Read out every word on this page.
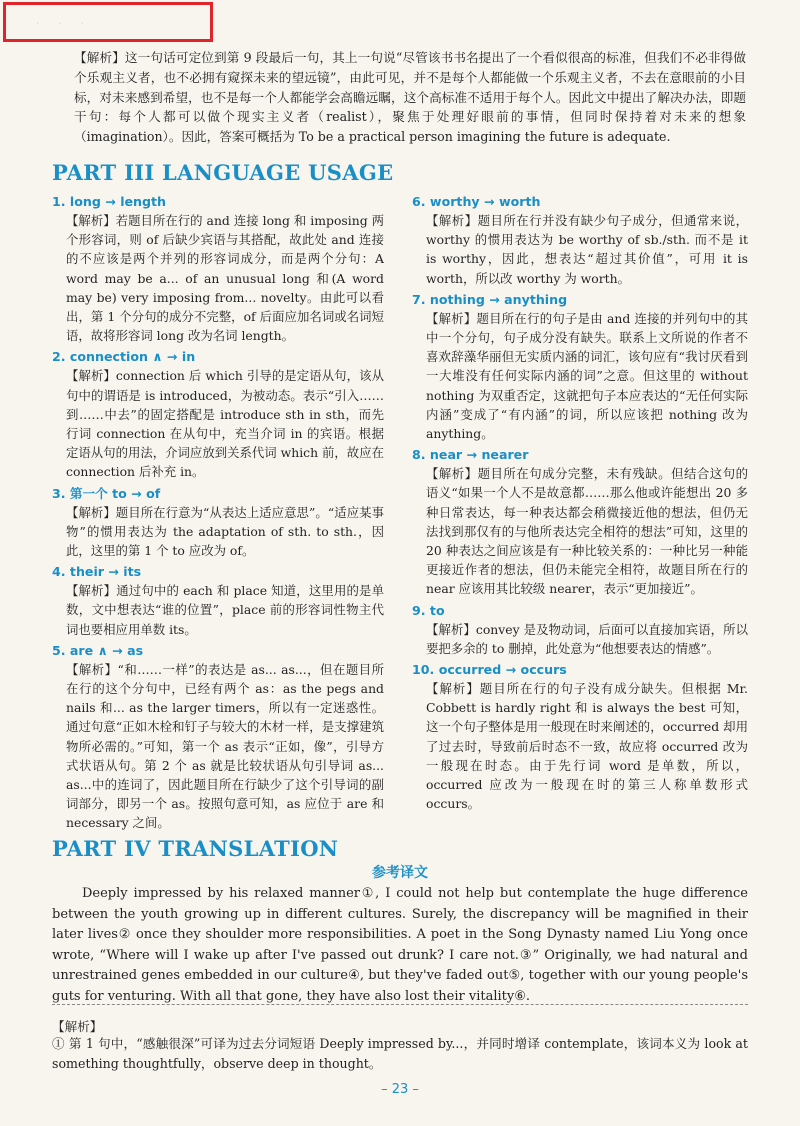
· · ·

【解析】这一句话可定位到第 9 段最后一句，其上一句说“尽管该书书名提出了一个看似很高的标准，但我们不必非得做个乐观主义者，也不必拥有窥探未来的望远镜”，由此可见，并不是每个人都能做一个乐观主义者，不去在意眼前的小目标，对未来感到希望，也不是每一个人都能学会高瞻远瞩，这个高标准不适用于每个人。因此文中提出了解决办法，即题干句：每个人都可以做个现实主义者（realist），聚焦于处理好眼前的事情，但同时保持着对未来的想象（imagination）。因此，答案可概括为 To be a practical person imagining the future is adequate.

PART III LANGUAGE USAGE
1. long → length

【解析】若题目所在行的 and 连接 long 和 imposing 两个形容词，则 of 后缺少宾语与其搭配，故此处 and 连接的不应该是两个并列的形容词成分，而是两个分句：A word may be a... of an unusual long 和(A word may be) very imposing from... novelty。由此可以看出，第 1 个分句的成分不完整，of 后面应加名词或名词短语，故将形容词 long 改为名词 length。

2. connection ∧ → in

【解析】connection 后 which 引导的是定语从句，该从句中的谓语是 is introduced，为被动态。表示“引入……到……中去”的固定搭配是 introduce sth in sth，而先行词 connection 在从句中，充当介词 in 的宾语。根据定语从句的用法，介词应放到关系代词 which 前，故应在 connection 后补充 in。

3. 第一个 to → of

【解析】题目所在行意为“从表达上适应意思”。“适应某事物”的惯用表达为 the adaptation of sth. to sth.，因此，这里的第 1 个 to 应改为 of。

4. their → its

【解析】通过句中的 each 和 place 知道，这里用的是单数，文中想表达“谁的位置”，place 前的形容词性物主代词也要相应用单数 its。

5. are ∧ → as

【解析】“和……一样”的表达是 as... as...，但在题目所在行的这个分句中，已经有两个 as：as the pegs and nails 和... as the larger timers，所以有一定迷惑性。通过句意“正如木栓和钉子与较大的木材一样，是支撑建筑物所必需的。”可知，第一个 as 表示“正如，像”，引导方式状语从句。第 2 个 as 就是比较状语从句引导词 as... as...中的连词了，因此题目所在行缺少了这个引导词的副词部分，即另一个 as。按照句意可知，as 应位于 are 和 necessary 之间。

6. worthy → worth

【解析】题目所在行并没有缺少句子成分，但通常来说，worthy 的惯用表达为 be worthy of sb./sth. 而不是 it is worthy，因此，想表达“超过其价值”，可用 it is worth，所以改 worthy 为 worth。

7. nothing → anything

【解析】题目所在行的句子是由 and 连接的并列句中的其中一个分句，句子成分没有缺失。联系上文所说的作者不喜欢辞藻华丽但无实质内涵的词汇，该句应有“我讨厌看到一大堆没有任何实际内涵的词”之意。但这里的 without nothing 为双重否定，这就把句子本应表达的“无任何实际内涵”变成了“有内涵”的词，所以应该把 nothing 改为 anything。

8. near → nearer

【解析】题目所在句成分完整，未有残缺。但结合这句的语义“如果一个人不是故意都……那么他或许能想出 20 多种日常表达，每一种表达都会稍微接近他的想法，但仍无法找到那仅有的与他所表达完全相符的想法”可知，这里的 20 种表达之间应该是有一种比较关系的：一种比另一种能更接近作者的想法，但仍未能完全相符，故题目所在行的 near 应该用其比较级 nearer，表示“更加接近”。

9. to

【解析】convey 是及物动词，后面可以直接加宾语，所以要把多余的 to 删掉，此处意为“他想要表达的情感”。

10. occurred → occurs

【解析】题目所在行的句子没有成分缺失。但根据 Mr. Cobbett is hardly right 和 is always the best 可知，这一个句子整体是用一般现在时来阐述的，occurred 却用了过去时，导致前后时态不一致，故应将 occurred 改为一般现在时态。由于先行词 word 是单数，所以，occurred 应改为一般现在时的第三人称单数形式 occurs。

PART IV TRANSLATION
参考译文

Deeply impressed by his relaxed manner①, I could not help but contemplate the huge difference between the youth growing up in different cultures. Surely, the discrepancy will be magnified in their later lives② once they shoulder more responsibilities. A poet in the Song Dynasty named Liu Yong once wrote, “Where will I wake up after I've passed out drunk? I care not.③” Originally, we had natural and unrestrained genes embedded in our culture④, but they've faded out⑤, together with our young people's guts for venturing. With all that gone, they have also lost their vitality⑥.

【解析】

① 第 1 句中，“感触很深”可译为过去分词短语 Deeply impressed by...，并同时增译 contemplate，该词本义为 look at something thoughtfully，observe deep in thought。

– 23 –
